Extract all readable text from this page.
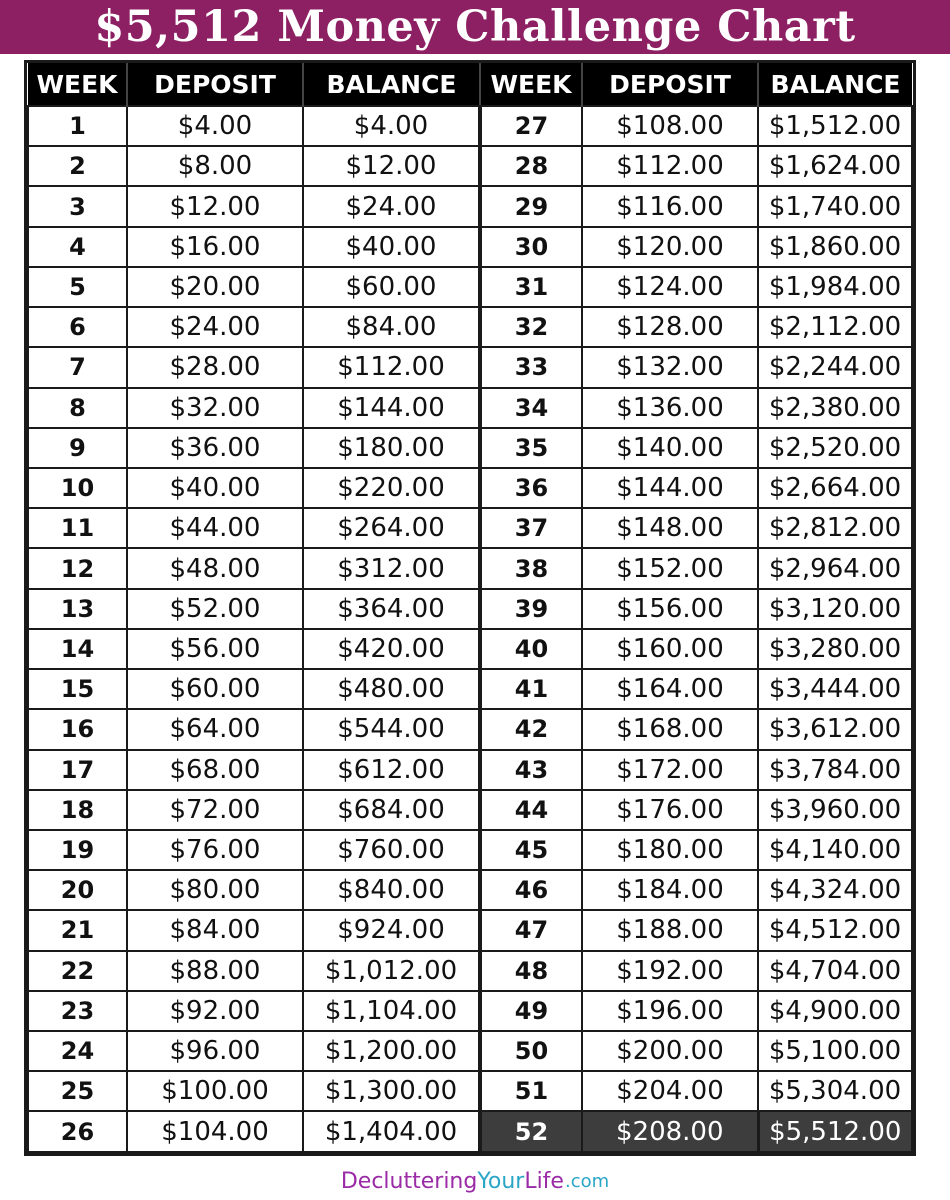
$5,512 Money Challenge Chart
WEEK	DEPOSIT	BALANCE	WEEK	DEPOSIT	BALANCE
1	$4.00	$4.00	27	$108.00	$1,512.00
2	$8.00	$12.00	28	$112.00	$1,624.00
3	$12.00	$24.00	29	$116.00	$1,740.00
4	$16.00	$40.00	30	$120.00	$1,860.00
5	$20.00	$60.00	31	$124.00	$1,984.00
6	$24.00	$84.00	32	$128.00	$2,112.00
7	$28.00	$112.00	33	$132.00	$2,244.00
8	$32.00	$144.00	34	$136.00	$2,380.00
9	$36.00	$180.00	35	$140.00	$2,520.00
10	$40.00	$220.00	36	$144.00	$2,664.00
11	$44.00	$264.00	37	$148.00	$2,812.00
12	$48.00	$312.00	38	$152.00	$2,964.00
13	$52.00	$364.00	39	$156.00	$3,120.00
14	$56.00	$420.00	40	$160.00	$3,280.00
15	$60.00	$480.00	41	$164.00	$3,444.00
16	$64.00	$544.00	42	$168.00	$3,612.00
17	$68.00	$612.00	43	$172.00	$3,784.00
18	$72.00	$684.00	44	$176.00	$3,960.00
19	$76.00	$760.00	45	$180.00	$4,140.00
20	$80.00	$840.00	46	$184.00	$4,324.00
21	$84.00	$924.00	47	$188.00	$4,512.00
22	$88.00	$1,012.00	48	$192.00	$4,704.00
23	$92.00	$1,104.00	49	$196.00	$4,900.00
24	$96.00	$1,200.00	50	$200.00	$5,100.00
25	$100.00	$1,300.00	51	$204.00	$5,304.00
26	$104.00	$1,404.00	52	$208.00	$5,512.00
Decluttering Your Life .com
